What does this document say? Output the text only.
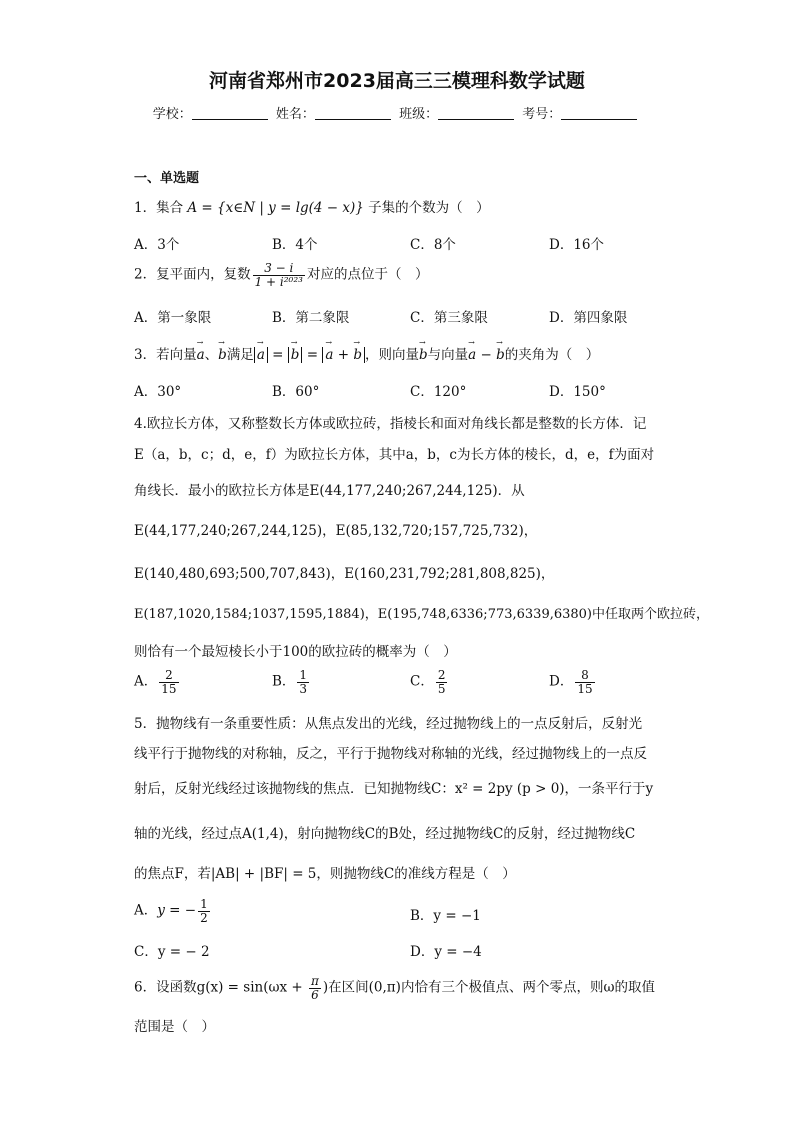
河南省郑州市2023届高三三模理科数学试题
学校：	姓名：	班级：	考号：
一、单选题
1．集合 A = {x∈N | y = lg(4 − x)} 子集的个数为（　）
A．3个	B．4个	C．8个	D．16个
2．复平面内，复数 $\frac{3 - i}{\text{1 + i²⁰²³}}$ 对应的点位于（　）
A．第一象限	B．第二象限	C．第三象限	D．第四象限
3．若向量→ a、→ b满足→ a = → b = → a + → b ，则向量→ b与向量→ a − → b的夹角为（　）
A．30°	B．60°	C．120°	D．150°
4.欧拉长方体，又称整数长方体或欧拉砖，指棱长和面对角线长都是整数的长方体．记
E（a，b，c；d，e，f）为欧拉长方体，其中a，b，c为长方体的棱长，d，e，f为面对
角线长．最小的欧拉长方体是E(44,177,240;267,244,125)．从
E(44,177,240;267,244,125)，E(85,132,720;157,725,732)，
E(140,480,693;500,707,843)，E(160,231,792;281,808,825)，
E(187,1020,1584;1037,1595,1884)，E(195,748,6336;773,6339,6380)中任取两个欧拉砖，
则恰有一个最短棱长小于100的欧拉砖的概率为（　）
A． $\frac{2}{15}$	B． $\frac{1}{3}$	C． $\frac{2}{5}$	D． $\frac{8}{15}$
5．抛物线有一条重要性质：从焦点发出的光线，经过抛物线上的一点反射后，反射光
线平行于抛物线的对称轴，反之，平行于抛物线对称轴的光线，经过抛物线上的一点反
射后，反射光线经过该抛物线的焦点．已知抛物线C：x² = 2py (p > 0)，一条平行于y
轴的光线，经过点A(1,4)，射向抛物线C的B处，经过抛物线C的反射，经过抛物线C
的焦点F，若|AB| + |BF| = 5，则抛物线C的准线方程是（　）
A．y = − $\frac{1}{2}$	B．y = −1
C．y = − 2	D．y = −4
6．设函数$g(x) = \sin(\omega x + \frac{\pi}{6}$ )在区间(0,π)内恰有三个极值点、两个零点，则ω的取值
范围是（　）
